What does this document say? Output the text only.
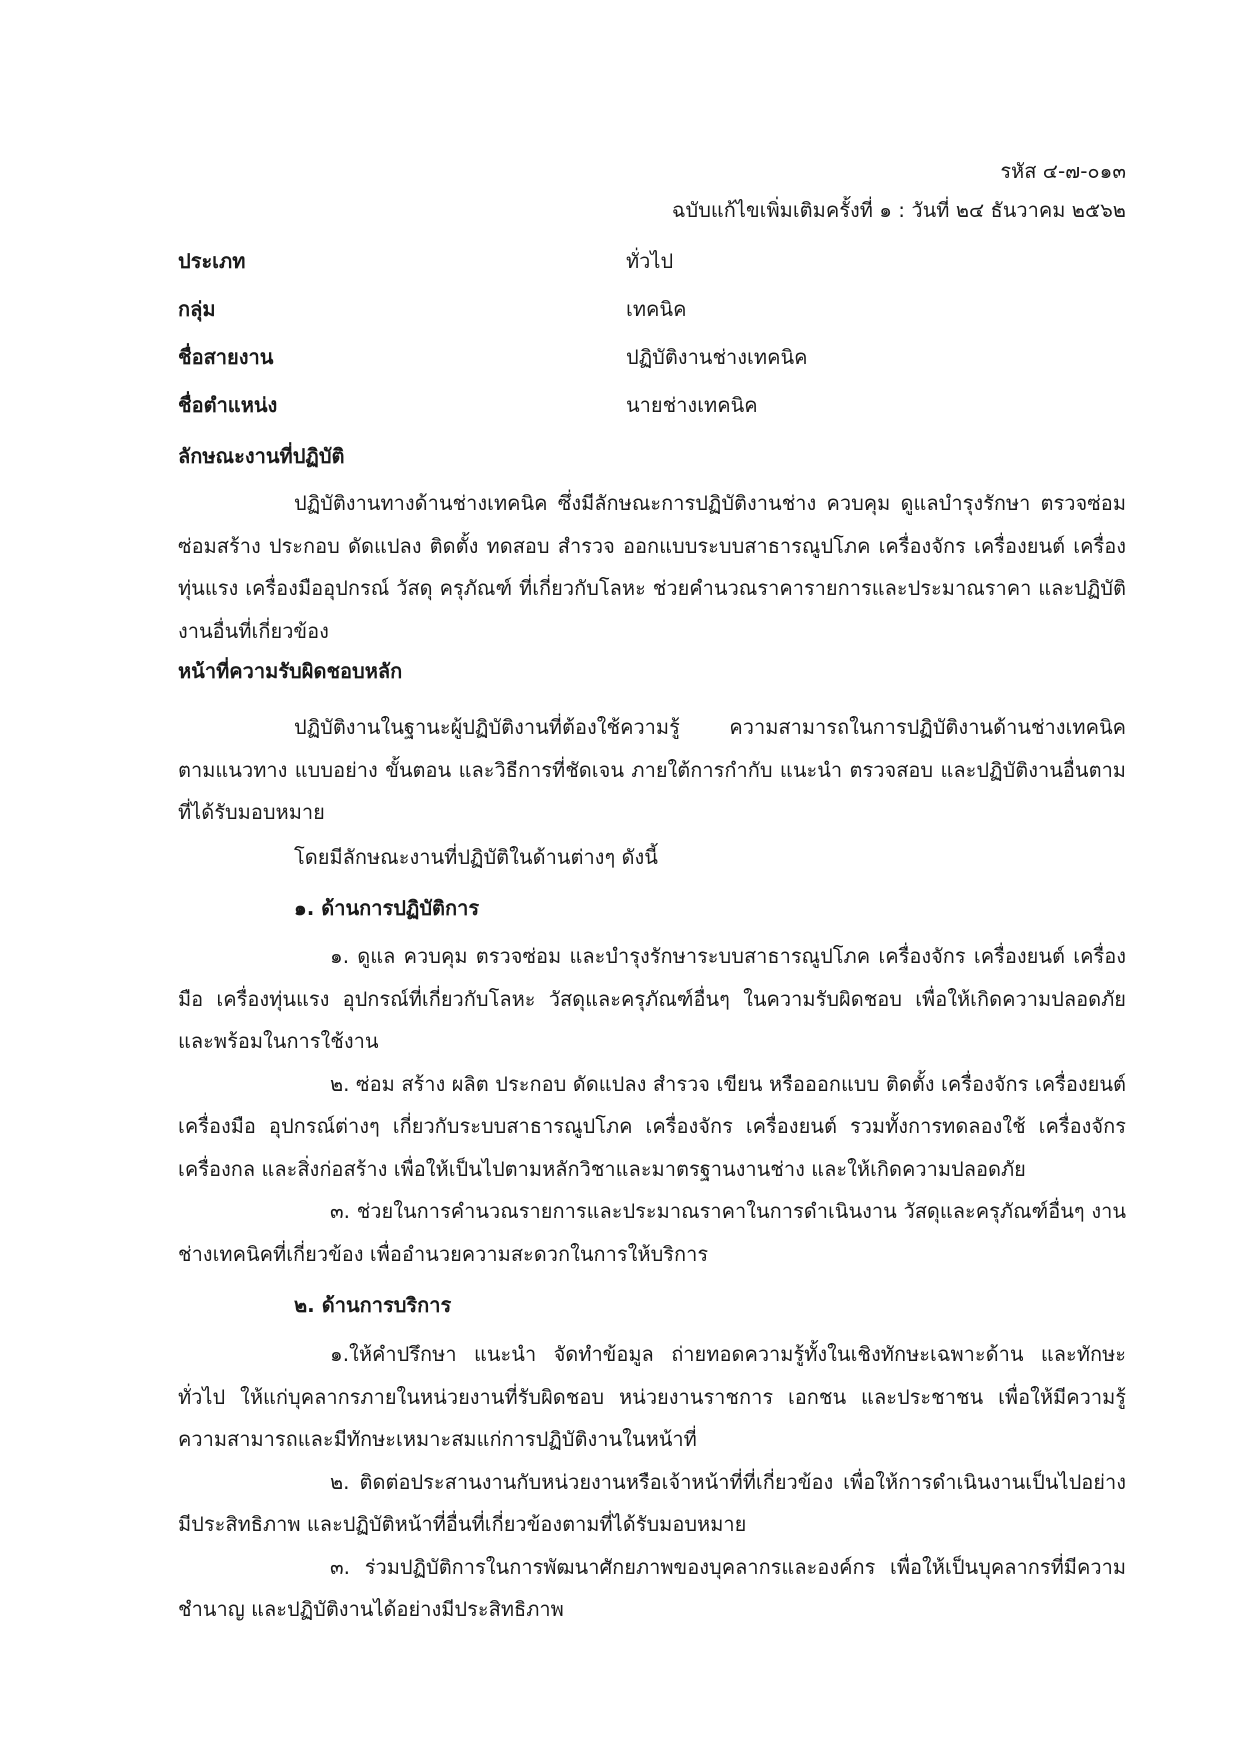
รหัส ๔-๗-๐๑๓
ฉบับแก้ไขเพิ่มเติมครั้งที่ ๑ : วันที่ ๒๔ ธันวาคม ๒๕๖๒
ประเภท	ทั่วไป
กลุ่ม	เทคนิค
ชื่อสายงาน	ปฏิบัติงานช่างเทคนิค
ชื่อตำแหน่ง	นายช่างเทคนิค
ลักษณะงานที่ปฏิบัติ

ปฏิบัติงานทางด้านช่างเทคนิค ซึ่งมีลักษณะการปฏิบัติงานช่าง ควบคุม ดูแลบำรุงรักษา ตรวจซ่อม ซ่อมสร้าง ประกอบ ดัดแปลง ติดตั้ง ทดสอบ สำรวจ ออกแบบระบบสาธารณูปโภค เครื่องจักร เครื่องยนต์ เครื่องทุ่นแรง เครื่องมืออุปกรณ์ วัสดุ ครุภัณฑ์ ที่เกี่ยวกับโลหะ ช่วยคำนวณราคารายการและประมาณราคา และปฏิบัติงานอื่นที่เกี่ยวข้อง

หน้าที่ความรับผิดชอบหลัก

ปฏิบัติงานในฐานะผู้ปฏิบัติงานที่ต้องใช้ความรู้ ความสามารถในการปฏิบัติงานด้านช่างเทคนิค ตามแนวทาง แบบอย่าง ขั้นตอน และวิธีการที่ชัดเจน ภายใต้การกำกับ แนะนำ ตรวจสอบ และปฏิบัติงานอื่นตามที่ได้รับมอบหมาย

โดยมีลักษณะงานที่ปฏิบัติในด้านต่างๆ ดังนี้
๑. ด้านการปฏิบัติการ

๑. ดูแล ควบคุม ตรวจซ่อม และบำรุงรักษาระบบสาธารณูปโภค เครื่องจักร เครื่องยนต์ เครื่องมือ เครื่องทุ่นแรง อุปกรณ์ที่เกี่ยวกับโลหะ วัสดุและครุภัณฑ์อื่นๆ ในความรับผิดชอบ เพื่อให้เกิดความปลอดภัยและพร้อมในการใช้งาน

๒. ซ่อม สร้าง ผลิต ประกอบ ดัดแปลง สำรวจ เขียน หรือออกแบบ ติดตั้ง เครื่องจักร เครื่องยนต์ เครื่องมือ อุปกรณ์ต่างๆ เกี่ยวกับระบบสาธารณูปโภค เครื่องจักร เครื่องยนต์ รวมทั้งการทดลองใช้ เครื่องจักร เครื่องกล และสิ่งก่อสร้าง เพื่อให้เป็นไปตามหลักวิชาและมาตรฐานงานช่าง และให้เกิดความปลอดภัย

๓. ช่วยในการคำนวณรายการและประมาณราคาในการดำเนินงาน วัสดุและครุภัณฑ์อื่นๆ งานช่างเทคนิคที่เกี่ยวข้อง เพื่ออำนวยความสะดวกในการให้บริการ

๒. ด้านการบริการ

๑.ให้คำปรึกษา แนะนำ จัดทำข้อมูล ถ่ายทอดความรู้ทั้งในเชิงทักษะเฉพาะด้าน และทักษะทั่วไป ให้แก่บุคลากรภายในหน่วยงานที่รับผิดชอบ หน่วยงานราชการ เอกชน และประชาชน เพื่อให้มีความรู้ ความสามารถและมีทักษะเหมาะสมแก่การปฏิบัติงานในหน้าที่

๒. ติดต่อประสานงานกับหน่วยงานหรือเจ้าหน้าที่ที่เกี่ยวข้อง เพื่อให้การดำเนินงานเป็นไปอย่างมีประสิทธิภาพ และปฏิบัติหน้าที่อื่นที่เกี่ยวข้องตามที่ได้รับมอบหมาย

๓. ร่วมปฏิบัติการในการพัฒนาศักยภาพของบุคลากรและองค์กร เพื่อให้เป็นบุคลากรที่มีความชำนาญ และปฏิบัติงานได้อย่างมีประสิทธิภาพ
